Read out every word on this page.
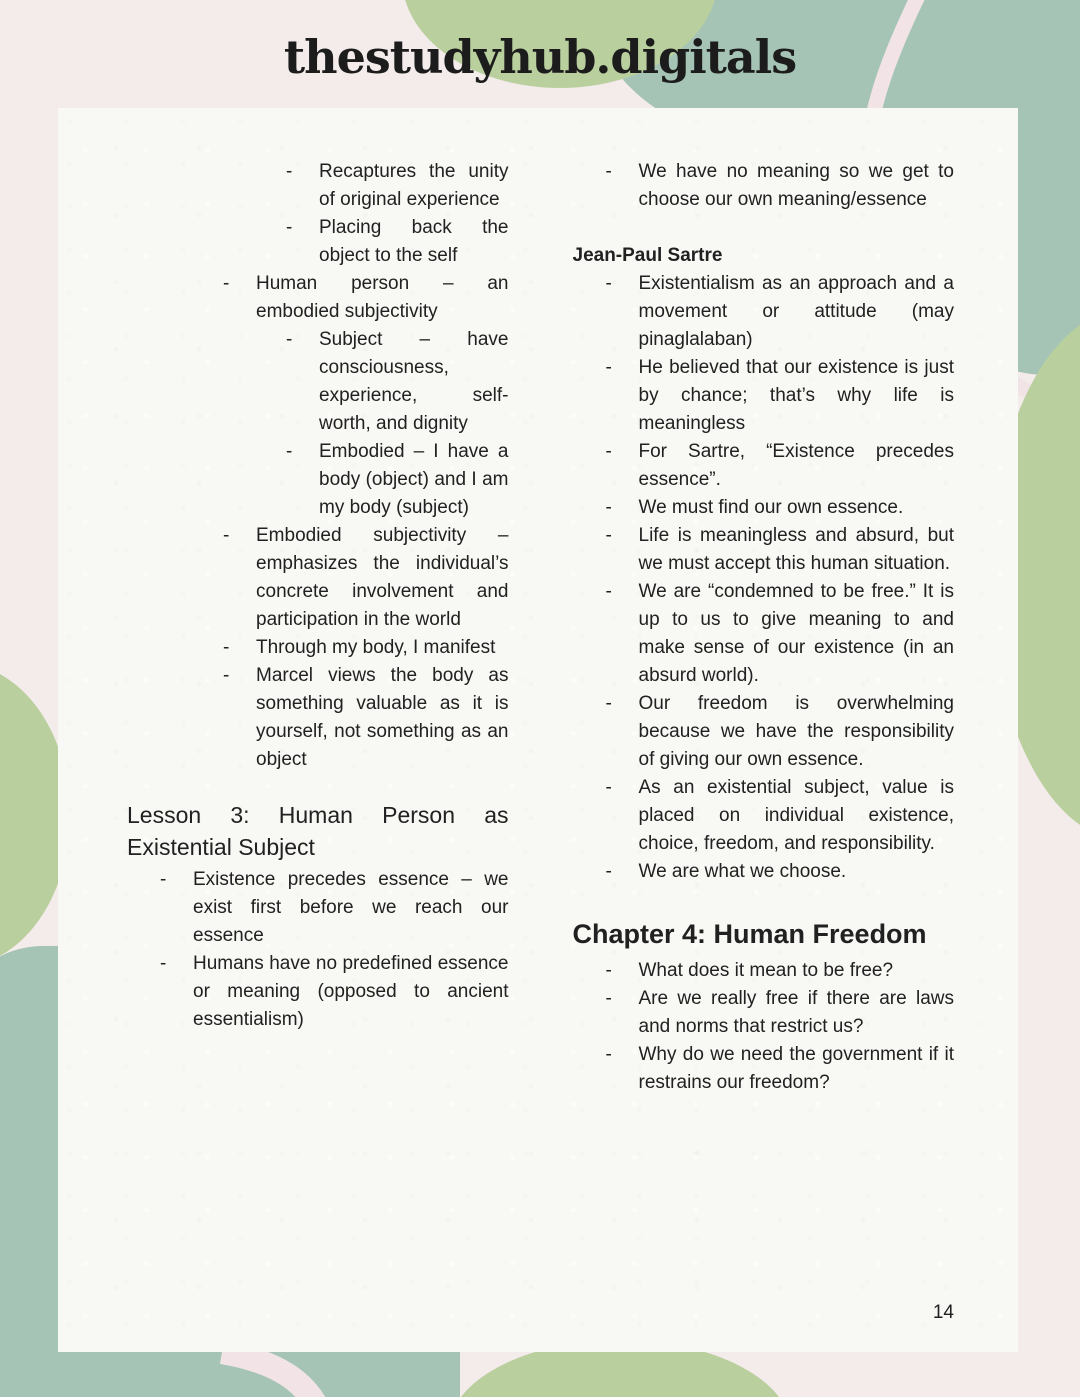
thestudyhub.digitals
-	Recaptures the unity of original experience
-	Placing back the object to the self
-	Human person – an embodied subjectivity
-	Subject – have consciousness, experience, self-worth, and dignity
-	Embodied – I have a body (object) and I am my body (subject)
-	Embodied subjectivity – emphasizes the individual’s concrete involvement and participation in the world
-	Through my body, I manifest
-	Marcel views the body as something valuable as it is yourself, not something as an object
Lesson 3: Human Person as Existential Subject
-	Existence precedes essence – we exist first before we reach our essence
-	Humans have no predefined essence or meaning (opposed to ancient essentialism)
-	We have no meaning so we get to choose our own meaning/essence
Jean-Paul Sartre
-	Existentialism as an approach and a movement or attitude (may pinaglalaban)
-	He believed that our existence is just by chance; that’s why life is meaningless
-	For Sartre, “Existence precedes essence”.
-	We must find our own essence.
-	Life is meaningless and absurd, but we must accept this human situation.
-	We are “condemned to be free.” It is up to us to give meaning to and make sense of our existence (in an absurd world).
-	Our freedom is overwhelming because we have the responsibility of giving our own essence.
-	As an existential subject, value is placed on individual existence, choice, freedom, and responsibility.
-	We are what we choose.
Chapter 4: Human Freedom
-	What does it mean to be free?
-	Are we really free if there are laws and norms that restrict us?
-	Why do we need the government if it restrains our freedom?
14
